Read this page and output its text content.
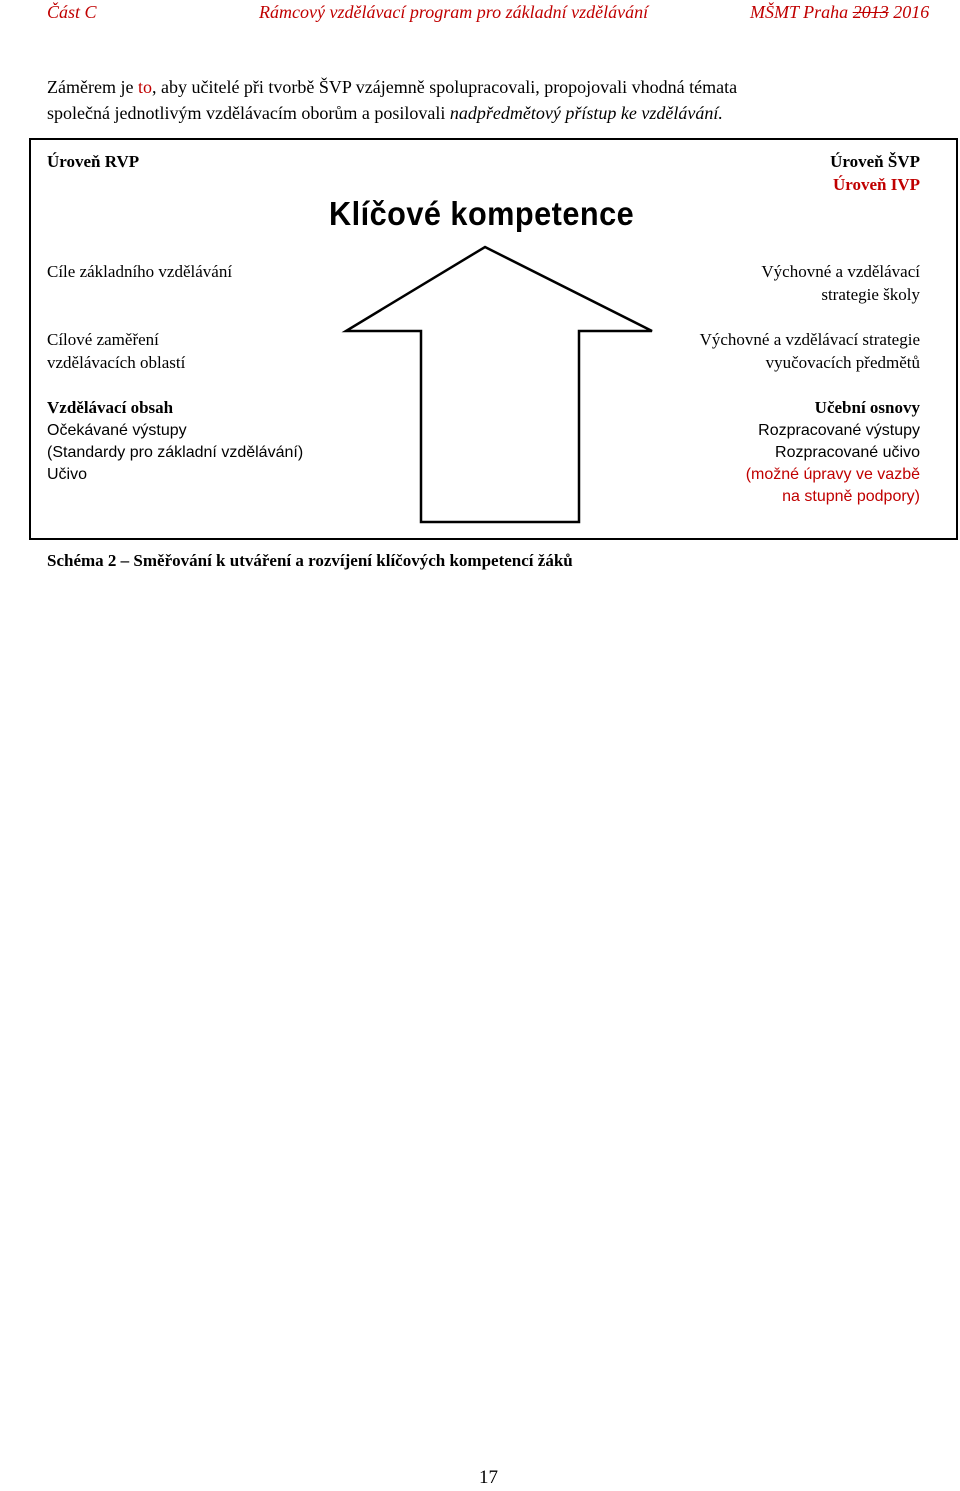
Část C	Rámcový vzdělávací program pro základní vzdělávání	MŠMT Praha 2013 2016
Záměrem je to, aby učitelé při tvorbě ŠVP vzájemně spolupracovali, propojovali vhodná témata
společná jednotlivým vzdělávacím oborům a posilovali nadpředmětový přístup ke vzdělávání.
Klíčové kompetence
Úroveň RVP
Cíle základního vzdělávání
Cílové zaměření
vzdělávacích oblastí
Vzdělávací obsah
Očekávané výstupy
(Standardy pro základní vzdělávání)
Učivo
Úroveň ŠVP
Úroveň IVP
Výchovné a vzdělávací
strategie školy
Výchovné a vzdělávací strategie
vyučovacích předmětů
Učební osnovy
Rozpracované výstupy
Rozpracované učivo
(možné úpravy ve vazbě
na stupně podpory)
Schéma 2 – Směřování k utváření a rozvíjení klíčových kompetencí žáků
17
